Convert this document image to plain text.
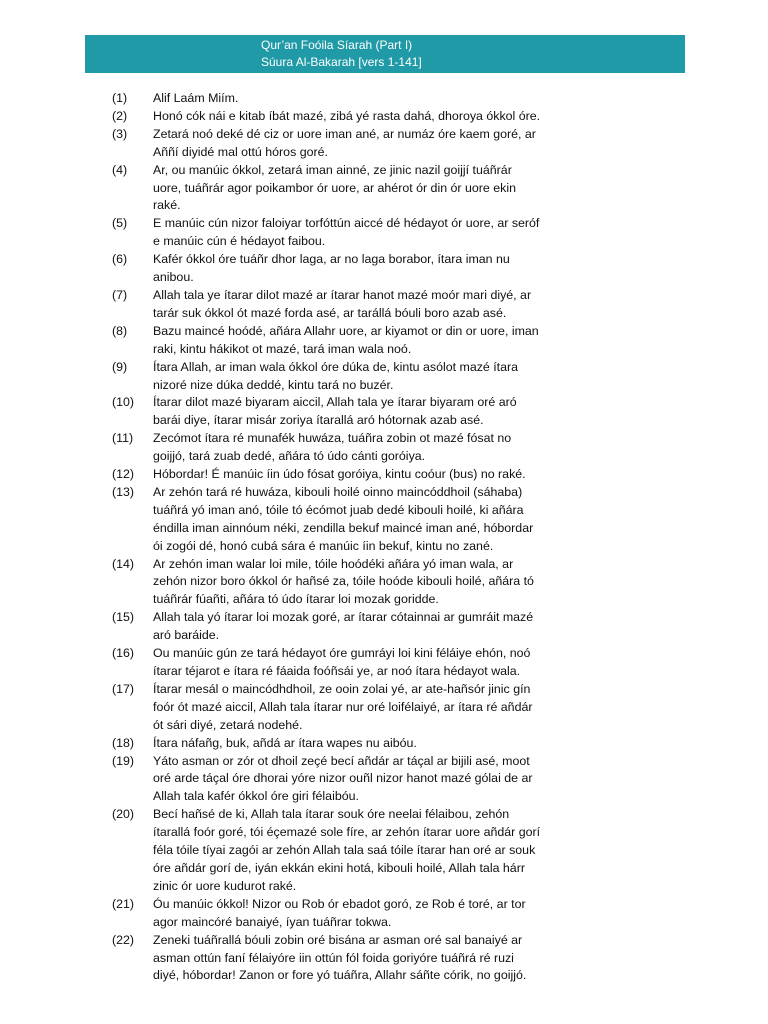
Qur’an Foóila Síarah (Part I)
Súura Al-Bakarah [vers 1-141]
(1)	Alif Laám Miím.
(2)	Honó cók nái e kitab íbát mazé, zibá yé rasta dahá, dhoroya ókkol óre.
(3)	Zetará noó deké dé ciz or uore iman ané, ar numáz óre kaem goré, ar
Aññí diyidé mal ottú hóros goré.
(4)	Ar, ou manúic ókkol, zetará iman ainné, ze jinic nazil goijjí tuáñrár
uore, tuáñrár agor poikambor ór uore, ar ahérot ór din ór uore ekin
raké.
(5)	E manúic cún nizor faloiyar torfóttún aiccé dé hédayot ór uore, ar seróf
e manúic cún é hédayot faibou.
(6)	Kafér ókkol óre tuáñr dhor laga, ar no laga borabor, ítara iman nu
anibou.
(7)	Allah tala ye ítarar dilot mazé ar ítarar hanot mazé moór mari diyé, ar
tarár suk ókkol ót mazé forda asé, ar tarállá bóuli boro azab asé.
(8)	Bazu maincé hoódé, añára Allahr uore, ar kiyamot or din or uore, iman
raki, kintu hákikot ot mazé, tará iman wala noó.
(9)	Ítara Allah, ar iman wala ókkol óre dúka de, kintu asólot mazé ítara
nizoré nize dúka deddé, kintu tará no buzér.
(10)	Ítarar dilot mazé biyaram aiccil, Allah tala ye ítarar biyaram oré aró
barái diye, ítarar misár zoriya ítarallá aró hótornak azab asé.
(11)	Zecómot ítara ré munafék huwáza, tuáñra zobin ot mazé fósat no
goijjó, tará zuab dedé, añára tó údo cánti goróiya.
(12)	Hóbordar! É manúic íin údo fósat goróiya, kintu coóur (bus) no raké.
(13)	Ar zehón tará ré huwáza, kibouli hoilé oinno maincóddhoil (sáhaba)
tuáñrá yó iman anó, tóile tó écómot juab dedé kibouli hoilé, ki añára
éndilla iman ainnóum néki, zendilla bekuf maincé iman ané, hóbordar
ói zogói dé, honó cubá sára é manúic íin bekuf, kintu no zané.
(14)	Ar zehón iman walar loi mile, tóile hoódéki añára yó iman wala, ar
zehón nizor boro ókkol ór hañsé za, tóile hoóde kibouli hoilé, añára tó
tuáñrár fúañti, añára tó údo ítarar loi mozak goridde.
(15)	Allah tala yó ítarar loi mozak goré, ar ítarar cótainnai ar gumráit mazé
aró baráide.
(16)	Ou manúic gún ze tará hédayot óre gumráyi loi kini féláiye ehón, noó
ítarar téjarot e ítara ré fáaida foóñsái ye, ar noó ítara hédayot wala.
(17)	Ítarar mesál o maincódhdhoil, ze ooin zolai yé, ar ate-hañsór jinic gín
foór ót mazé aiccil, Allah tala ítarar nur oré loifélaiyé, ar ítara ré añdár
ót sári diyé, zetará nodehé.
(18)	Ítara náfañg, buk, añdá ar ítara wapes nu aibóu.
(19)	Yáto asman or zór ot dhoil zeçé becí añdár ar táçal ar bijili asé, moot
oré arde táçal óre dhorai yóre nizor ouñl nizor hanot mazé gólai de ar
Allah tala kafér ókkol óre giri félaibóu.
(20)	Becí hañsé de ki, Allah tala ítarar souk óre neelai félaibou, zehón
ítarallá foór goré, tói éçemazé sole fíre, ar zehón ítarar uore añdár gorí
féla tóile tíyai zagói ar zehón Allah tala saá tóile ítarar han oré ar souk
óre añdár gorí de, iyán ekkán ekini hotá, kibouli hoilé, Allah tala hárr
zinic ór uore kudurot raké.
(21)	Óu manúic ókkol! Nizor ou Rob ór ebadot goró, ze Rob é toré, ar tor
agor maincóré banaiyé, íyan tuáñrar tokwa.
(22)	Zeneki tuáñrallá bóuli zobin oré bisána ar asman oré sal banaiyé ar
asman ottún faní félaiyóre iin ottún fól foida goriyóre tuáñrá ré ruzi
diyé, hóbordar! Zanon or fore yó tuáñra, Allahr sáñte córik, no goijjó.
